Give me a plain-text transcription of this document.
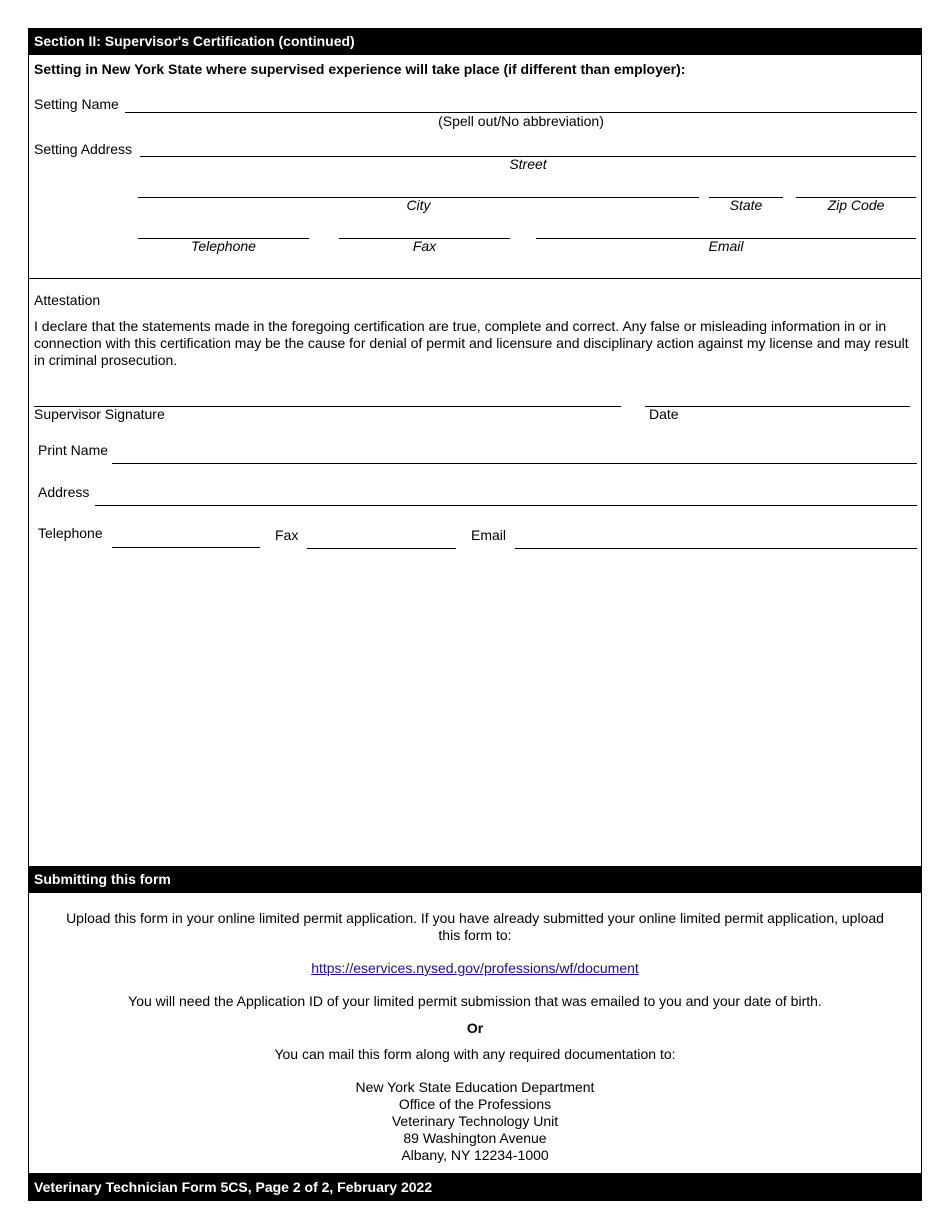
Section II: Supervisor's Certification (continued)
Setting in New York State where supervised experience will take place (if different than employer):
Setting Name
(Spell out/No abbreviation)
Setting Address
Street
City	State	Zip Code
Telephone	Fax	Email
Attestation
I declare that the statements made in the foregoing certification are true, complete and correct. Any false or misleading information in or in connection with this certification may be the cause for denial of permit and licensure and disciplinary action against my license and may result in criminal prosecution.
Supervisor Signature	Date
Print Name
Address
Telephone	Fax	Email
Submitting this form
Upload this form in your online limited permit application. If you have already submitted your online limited permit application, upload this form to:
https://eservices.nysed.gov/professions/wf/document
You will need the Application ID of your limited permit submission that was emailed to you and your date of birth.
Or
You can mail this form along with any required documentation to:
New York State Education Department
Office of the Professions
Veterinary Technology Unit
89 Washington Avenue
Albany, NY 12234-1000
Veterinary Technician Form 5CS, Page 2 of 2, February 2022
